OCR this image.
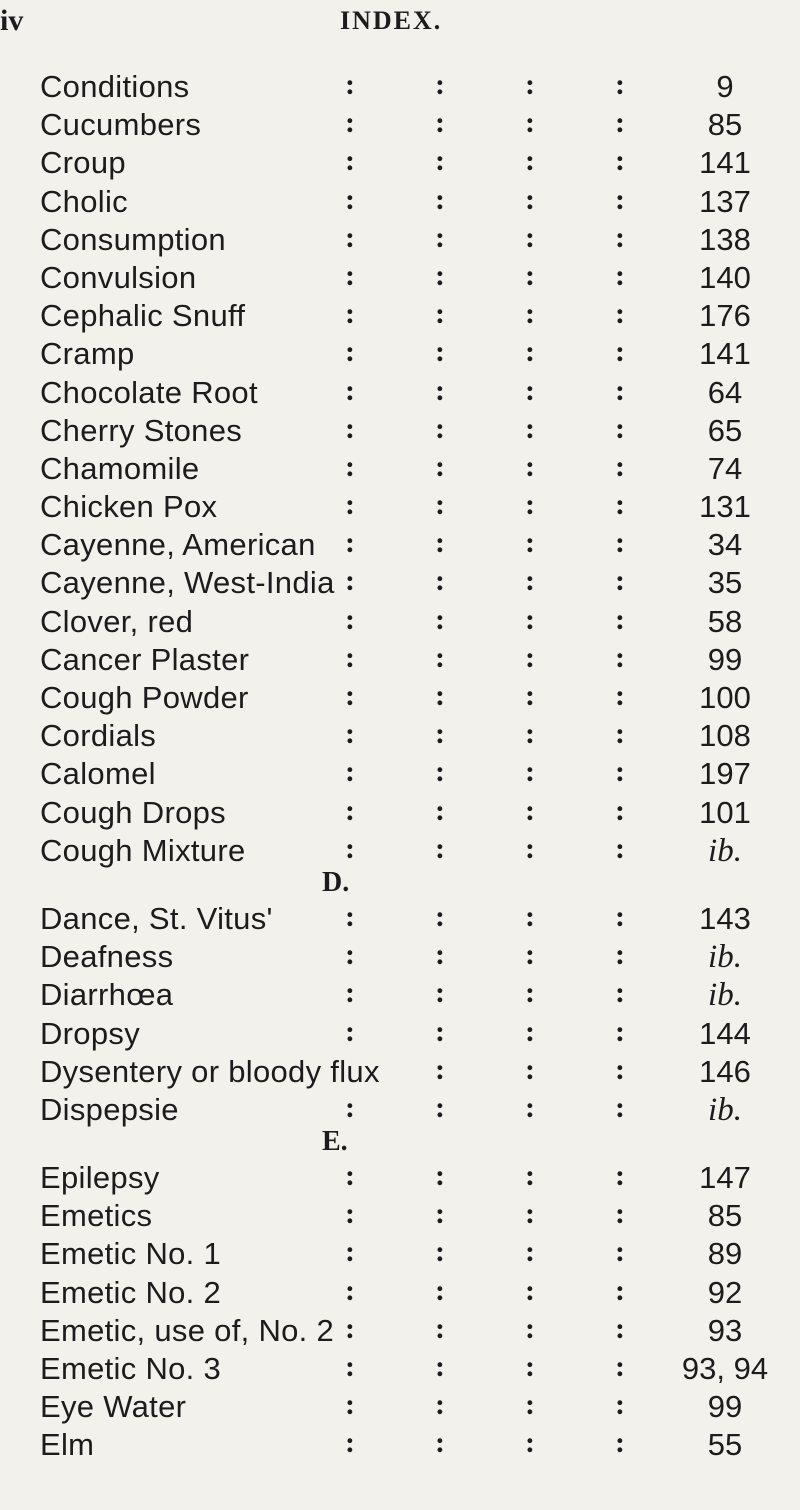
iv	INDEX.
Conditions	:	:	:	:	9
Cucumbers	:	:	:	:	85
Croup	:	:	:	:	141
Cholic	:	:	:	:	137
Consumption	:	:	:	:	138
Convulsion	:	:	:	:	140
Cephalic Snuff	:	:	:	:	176
Cramp	:	:	:	:	141
Chocolate Root	:	:	:	:	64
Cherry Stones	:	:	:	:	65
Chamomile	:	:	:	:	74
Chicken Pox	:	:	:	:	131
Cayenne, American :	:	:	:	34
Cayenne, West-India :	:	:	:	35
Clover, red	:	:	:	:	58
Cancer Plaster	:	:	:	:	99
Cough Powder	:	:	:	:	100
Cordials	:	:	:	:	108
Calomel	:	:	:	:	197
Cough Drops	:	:	:	:	101
Cough Mixture	:	:	:	:	ib.
D.
Dance, St. Vitus' :	:	:	:	143
Deafness	:	:	:	:	ib.
Diarrhœa	:	:	:	:	ib.
Dropsy	:	:	:	:	144
Dysentery or bloody flux :	:	:	146
Dispepsie	:	:	:	:	ib.
E.
Epilepsy	:	:	:	:	147
Emetics	:	:	:	:	85
Emetic No. 1	:	:	:	:	89
Emetic No. 2	:	:	:	:	92
Emetic, use of, No. 2 :	:	:	:	93
Emetic No. 3	:	:	:	:	93, 94
Eye Water	:	:	:	:	99
Elm	:	:	:	:	55
